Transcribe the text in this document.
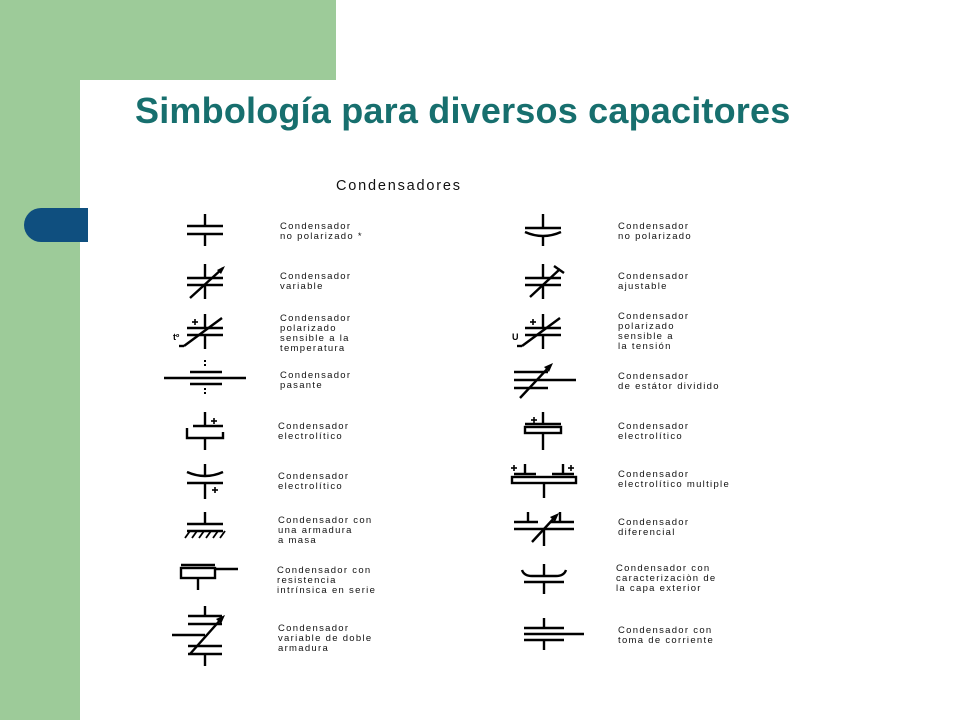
Simbología para diversos capacitores
Condensadores
Condensador
no polarizado *
Condensador
variable
tº
Condensador
polarizado
sensible a la
temperatura
Condensador
pasante
Condensador
electrolítico
Condensador
electrolítico
Condensador con
una armadura
a masa
Condensador con
resistencia
intrínsica en serie
Condensador
variable de doble
armadura
Condensador
no polarizado
Condensador
ajustable
U
Condensador
polarizado
sensible a
la tensión
Condensador
de estátor dividido
Condensador
electrolítico
Condensador
electrolítico multiple
Condensador
diferencial
Condensador con
caracterizaciòn de
la capa exterior
Condensador con
toma de corriente
